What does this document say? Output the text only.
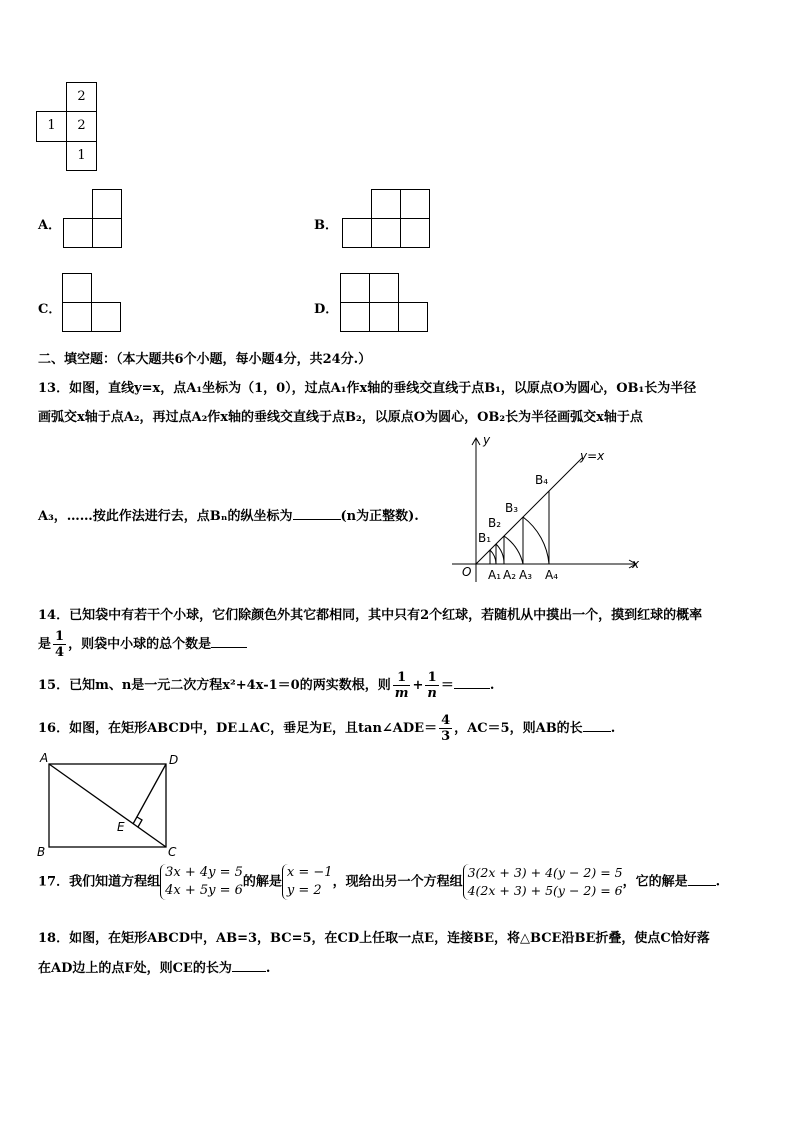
2
1	2
1
A．	B．
C．	D．
二、填空题：（本大题共6个小题，每小题4分，共24分.）
13．如图，直线y=x，点A₁坐标为（1，0），过点A₁作x轴的垂线交直线于点B₁，以原点O为圆心，OB₁长为半径
画弧交x轴于点A₂，再过点A₂作x轴的垂线交直线于点B₂，以原点O为圆心，OB₂长为半径画弧交x轴于点
A₃，……按此作法进行去，点Bₙ的纵坐标为	(n为正整数).
y
x
y=x
O A₁ A₂ A₃ A₄
B₁
B₂
B₃
B₄
14．已知袋中有若干个小球，它们除颜色外其它都相同，其中只有2个红球，若随机从中摸出一个，摸到红球的概率
是 $\frac{1}{4}$ ，则袋中小球的总个数是
15．已知m、n是一元二次方程x²+4x-1＝0的两实数根，则 $\frac{1}{m} + \frac{1}{n}$ ＝	.
16．如图，在矩形ABCD中，DE⊥AC，垂足为E，且tan∠ADE＝ $\frac{4}{3}$ ，AC＝5，则AB的长 .
A	D
B	C
E
17．我们知道方程组
3x + 4y = 5
4x + 5y = 6
的解是
x = −1
y = 2
，现给出另一个方程组
3(2x + 3) + 4(y − 2) = 5
4(2x + 3) + 5(y − 2) = 6
，它的解是 .
18．如图，在矩形ABCD中，AB=3，BC=5，在CD上任取一点E，连接BE，将△BCE沿BE折叠，使点C恰好落
在AD边上的点F处，则CE的长为	.
